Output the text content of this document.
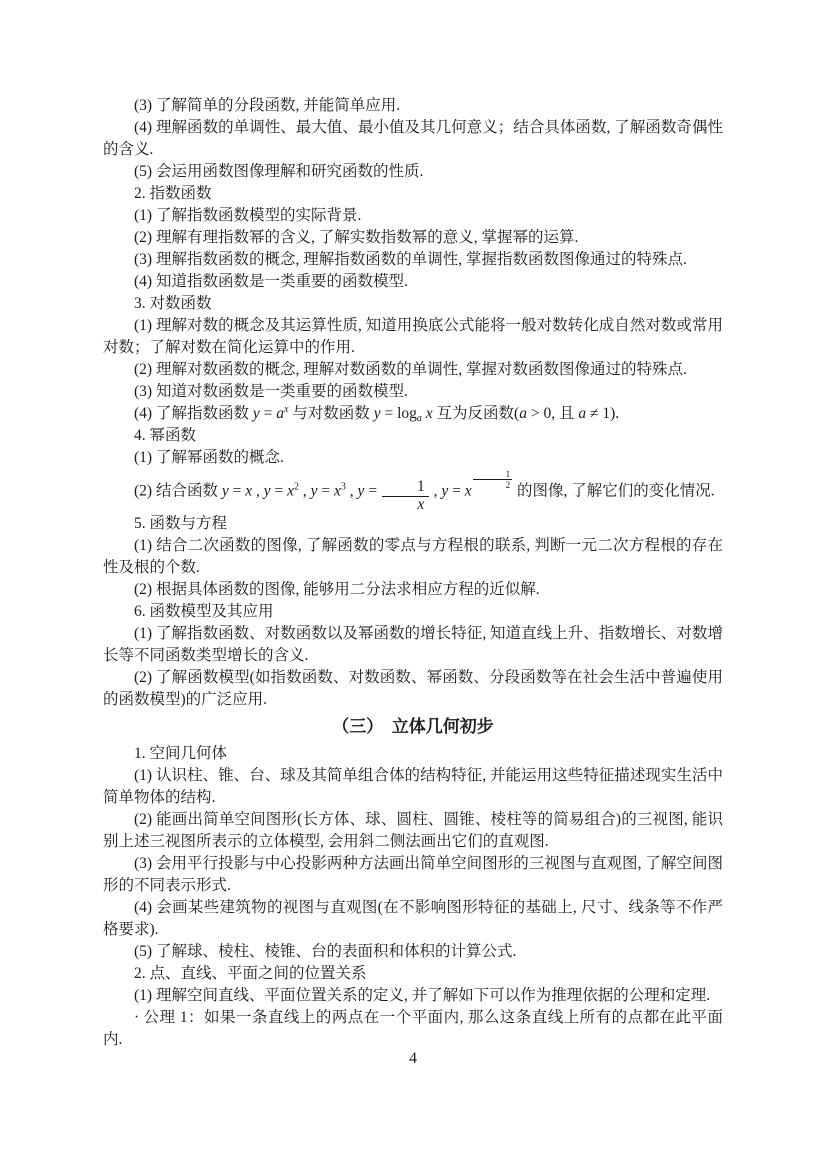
(3) 了解简单的分段函数, 并能简单应用.
(4) 理解函数的单调性、最大值、最小值及其几何意义；结合具体函数, 了解函数奇偶性的含义.
(5) 会运用函数图像理解和研究函数的性质.
2. 指数函数
(1) 了解指数函数模型的实际背景.
(2) 理解有理指数幂的含义, 了解实数指数幂的意义, 掌握幂的运算.
(3) 理解指数函数的概念, 理解指数函数的单调性, 掌握指数函数图像通过的特殊点.
(4) 知道指数函数是一类重要的函数模型.
3. 对数函数
(1) 理解对数的概念及其运算性质, 知道用换底公式能将一般对数转化成自然对数或常用对数；了解对数在简化运算中的作用.
(2) 理解对数函数的概念, 理解对数函数的单调性, 掌握对数函数图像通过的特殊点.
(3) 知道对数函数是一类重要的函数模型.
(4) 了解指数函数 $y = a^x$ 与对数函数 y = loga x 互为反函数(a > 0, 且 a ≠ 1).
4. 幂函数
(1) 了解幂函数的概念.
(2) 结合函数 y = x , $y = x^2$ , $y = x^3$ , $y = \frac{1}{x}$ , y = x
$\frac{1}{2}$
的图像, 了解它们的变化情况.
5. 函数与方程
(1) 结合二次函数的图像, 了解函数的零点与方程根的联系, 判断一元二次方程根的存在性及根的个数.
(2) 根据具体函数的图像, 能够用二分法求相应方程的近似解.
6. 函数模型及其应用
(1) 了解指数函数、对数函数以及幂函数的增长特征, 知道直线上升、指数增长、对数增长等不同函数类型增长的含义.
(2) 了解函数模型(如指数函数、对数函数、幂函数、分段函数等在社会生活中普遍使用的函数模型)的广泛应用.
（三）　立体几何初步
1. 空间几何体
(1) 认识柱、锥、台、球及其简单组合体的结构特征, 并能运用这些特征描述现实生活中简单物体的结构.
(2) 能画出简单空间图形(长方体、球、圆柱、圆锥、棱柱等的简易组合)的三视图, 能识别上述三视图所表示的立体模型, 会用斜二侧法画出它们的直观图.
(3) 会用平行投影与中心投影两种方法画出简单空间图形的三视图与直观图, 了解空间图形的不同表示形式.
(4) 会画某些建筑物的视图与直观图(在不影响图形特征的基础上, 尺寸、线条等不作严格要求).
(5) 了解球、棱柱、棱锥、台的表面积和体积的计算公式.
2. 点、直线、平面之间的位置关系
(1) 理解空间直线、平面位置关系的定义, 并了解如下可以作为推理依据的公理和定理.
· 公理 1：如果一条直线上的两点在一个平面内, 那么这条直线上所有的点都在此平面内.
4
